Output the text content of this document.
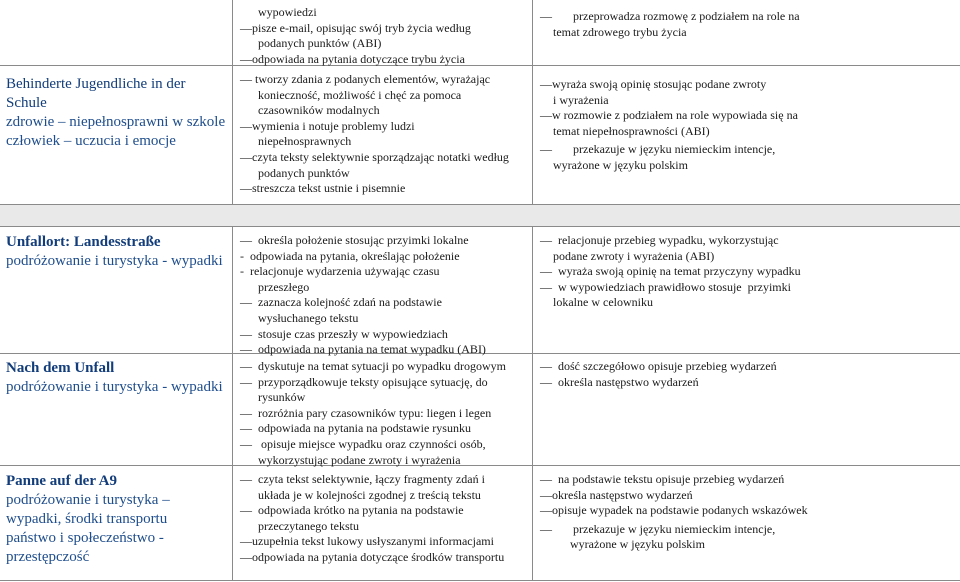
wypowiedzi
―pisze e-mail, opisując swój tryb życia według
podanych punktów (ABI)
―odpowiada na pytania dotyczące trybu życia
―       przeprowadza rozmowę z podziałem na role na
temat zdrowego trybu życia
Behinderte Jugendliche in der Schule
zdrowie – niepełnosprawni w szkole
człowiek – uczucia i emocje
― tworzy zdania z podanych elementów, wyrażając
konieczność, możliwość i chęć za pomoca
czasowników modalnych
―wymienia i notuje problemy ludzi
niepełnosprawnych
―czyta teksty selektywnie sporządzając notatki według
podanych punktów
―streszcza tekst ustnie i pisemnie
―wyraża swoją opinię stosując podane zwroty
i wyrażenia
―w rozmowie z podziałem na role wypowiada się na
temat niepełnosprawności (ABI)
―       przekazuje w języku niemieckim intencje,
wyrażone w języku polskim
Unfallort: Landesstraße
podróżowanie i turystyka - wypadki
―  określa położenie stosując przyimki lokalne
-  odpowiada na pytania, określając położenie
-  relacjonuje wydarzenia używając czasu
przeszłego
―  zaznacza kolejność zdań na podstawie
wysłuchanego tekstu
―  stosuje czas przeszły w wypowiedziach
―  odpowiada na pytania na temat wypadku (ABI)
―  relacjonuje przebieg wypadku, wykorzystując
podane zwroty i wyrażenia (ABI)
―  wyraża swoją opinię na temat przyczyny wypadku
―  w wypowiedziach prawidłowo stosuje  przyimki
lokalne w celowniku
Nach dem Unfall
podróżowanie i turystyka - wypadki
―  dyskutuje na temat sytuacji po wypadku drogowym
―  przyporządkowuje teksty opisujące sytuację, do
rysunków
―  rozróżnia pary czasowników typu: liegen i legen
―  odpowiada na pytania na podstawie rysunku
―   opisuje miejsce wypadku oraz czynności osób,
wykorzystując podane zwroty i wyrażenia
―  dość szczegółowo opisuje przebieg wydarzeń
―  określa następstwo wydarzeń
Panne auf der A9
podróżowanie i turystyka –
wypadki, środki transportu
państwo i społeczeństwo -
przestępczość
―  czyta tekst selektywnie, łączy fragmenty zdań i
układa je w kolejności zgodnej z treścią tekstu
―  odpowiada krótko na pytania na podstawie
przeczytanego tekstu
―uzupełnia tekst lukowy usłyszanymi informacjami
―odpowiada na pytania dotyczące środków transportu
―  na podstawie tekstu opisuje przebieg wydarzeń
―określa następstwo wydarzeń
―opisuje wypadek na podstawie podanych wskazówek
―       przekazuje w języku niemieckim intencje,
wyrażone w języku polskim
